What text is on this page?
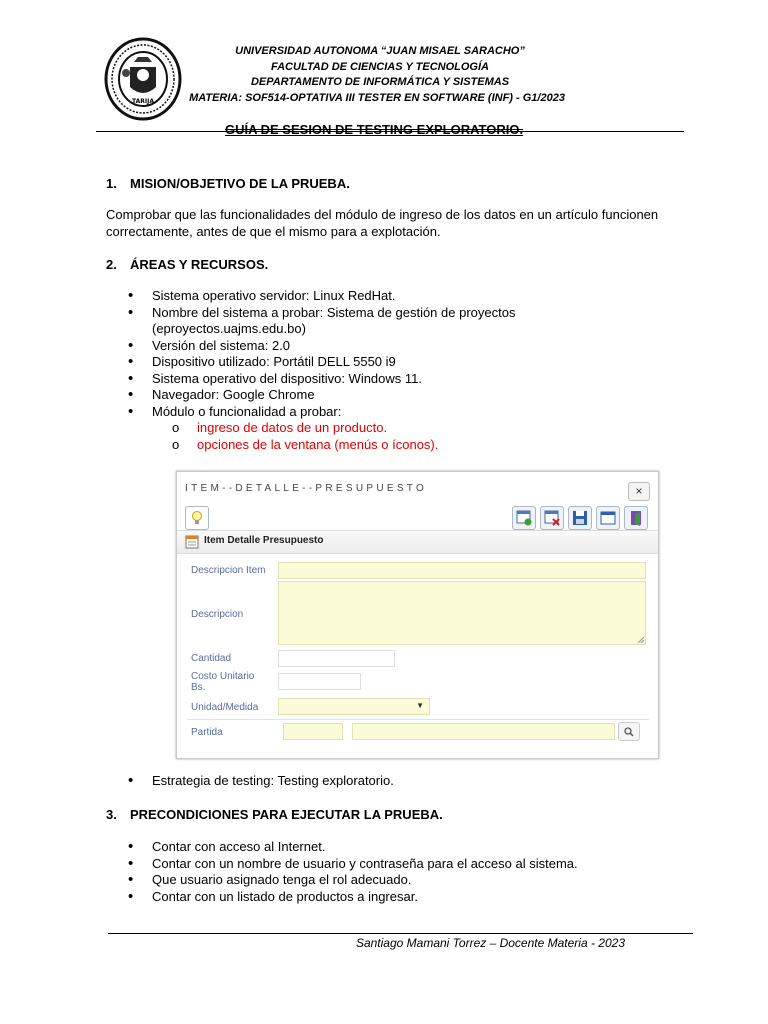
TARIJA
UNIVERSIDAD AUTONOMA “JUAN MISAEL SARACHO”
FACULTAD DE CIENCIAS Y TECNOLOGÍA
DEPARTAMENTO DE INFORMÁTICA Y SISTEMAS
MATERIA: SOF514-OPTATIVA III TESTER EN SOFTWARE (INF) - G1/2023
GUÍA DE SESION DE TESTING EXPLORATORIO.
1. MISION/OBJETIVO DE LA PRUEBA.
Comprobar que las funcionalidades del módulo de ingreso de los datos en un artículo funcionen correctamente, antes de que el mismo para a explotación.
2. ÁREAS Y RECURSOS.
• Sistema operativo servidor: Linux RedHat.
• Nombre del sistema a probar: Sistema de gestión de proyectos (eproyectos.uajms.edu.bo)
• Versión del sistema: 2.0
• Dispositivo utilizado: Portátil DELL 5550 i9
• Sistema operativo del dispositivo: Windows 11.
• Navegador: Google Chrome
• Módulo o funcionalidad a probar:
o ingreso de datos de un producto.
o opciones de la ventana (menús o íconos).
ITEM--DETALLE--PRESUPUESTO	×
Item Detalle Presupuesto
Descripcion Item
Descripcion
Cantidad
Costo Unitario Bs.
Unidad/Medida	▼
Partida
• Estrategia de testing: Testing exploratorio.
3. PRECONDICIONES PARA EJECUTAR LA PRUEBA.
• Contar con acceso al Internet.
• Contar con un nombre de usuario y contraseña para el acceso al sistema.
• Que usuario asignado tenga el rol adecuado.
• Contar con un listado de productos a ingresar.
Santiago Mamani Torrez – Docente Materia - 2023
